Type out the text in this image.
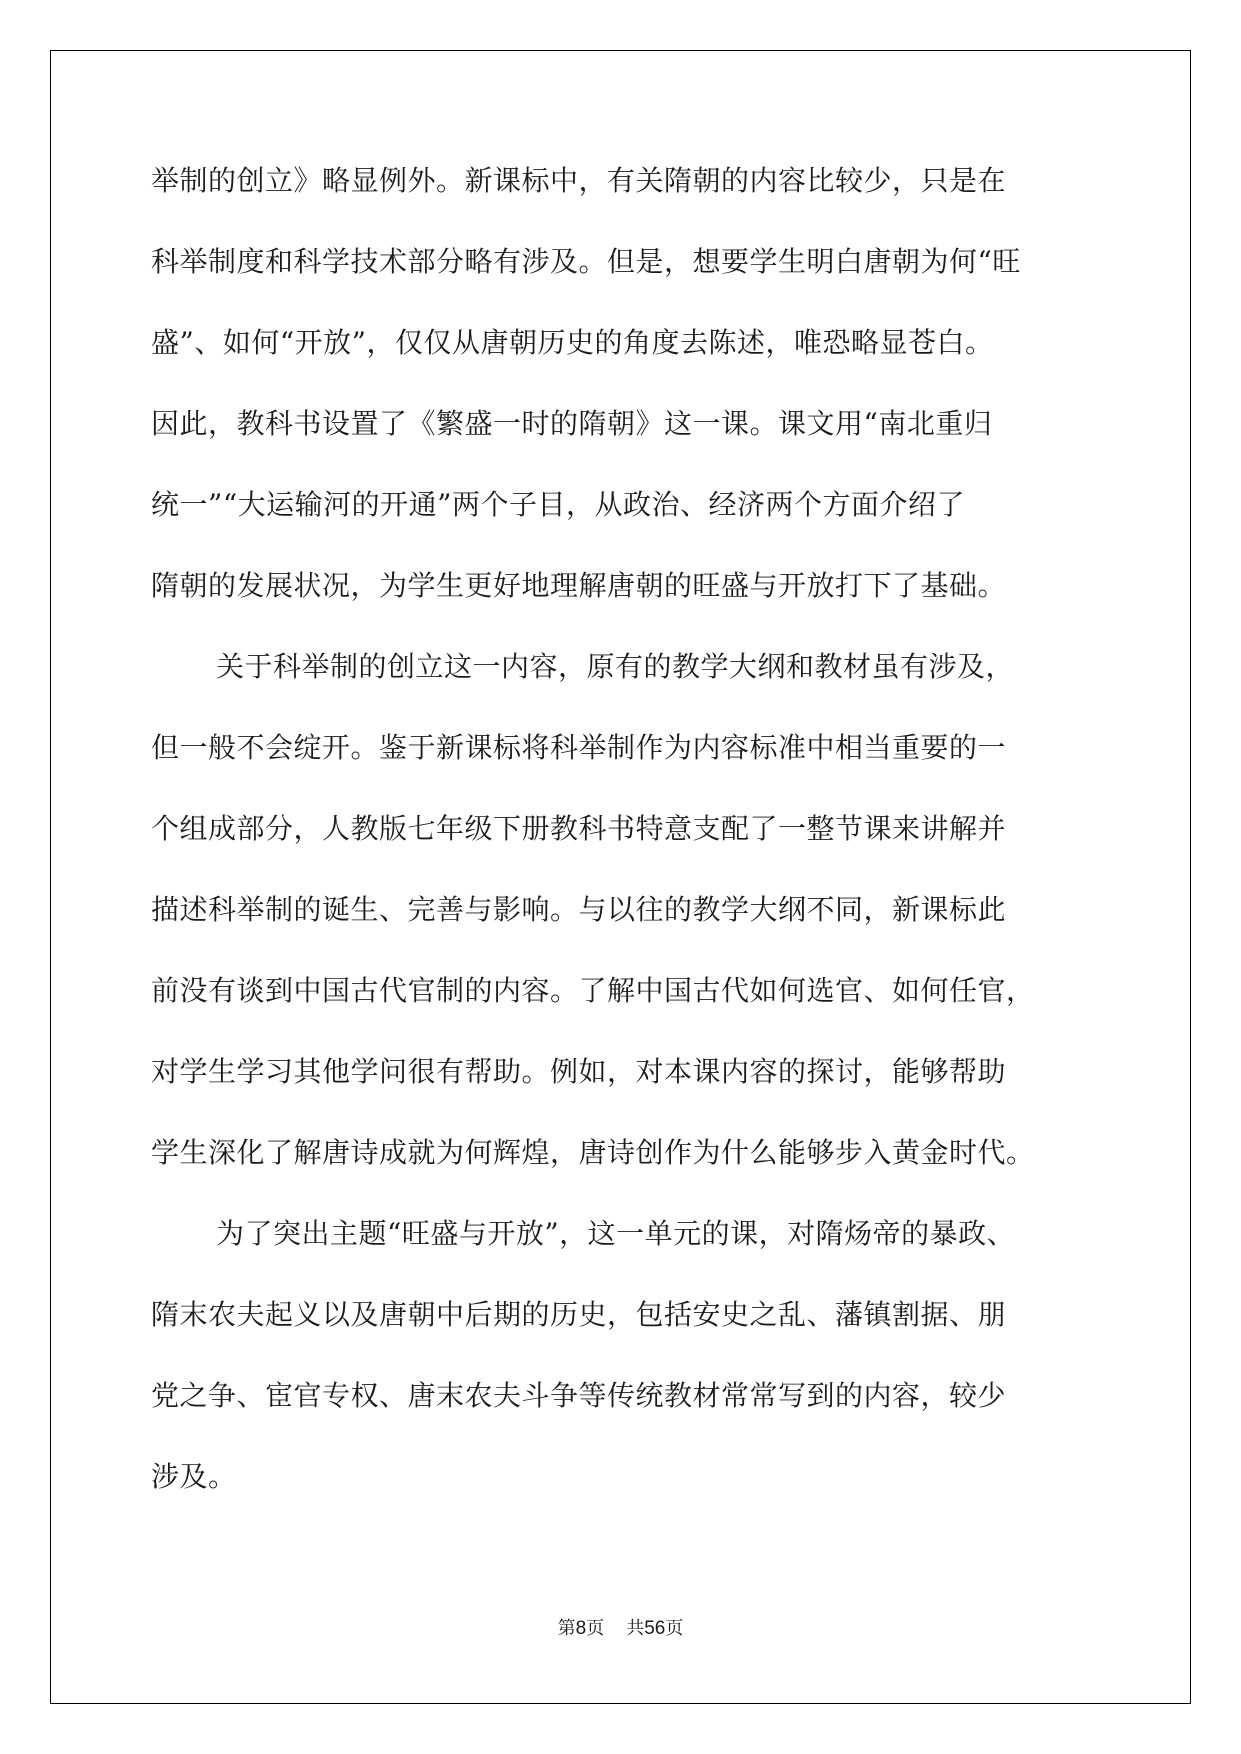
举制的创立》略显例外。新课标中，有关隋朝的内容比较少，只是在
科举制度和科学技术部分略有涉及。但是，想要学生明白唐朝为何“旺
盛”、如何“开放”，仅仅从唐朝历史的角度去陈述，唯恐略显苍白。
因此，教科书设置了《繁盛一时的隋朝》这一课。课文用“南北重归
统一”“大运输河的开通”两个子目，从政治、经济两个方面介绍了
隋朝的发展状况，为学生更好地理解唐朝的旺盛与开放打下了基础。
关于科举制的创立这一内容，原有的教学大纲和教材虽有涉及，
但一般不会绽开。鉴于新课标将科举制作为内容标准中相当重要的一
个组成部分，人教版七年级下册教科书特意支配了一整节课来讲解并
描述科举制的诞生、完善与影响。与以往的教学大纲不同，新课标此
前没有谈到中国古代官制的内容。了解中国古代如何选官、如何任官，
对学生学习其他学问很有帮助。例如，对本课内容的探讨，能够帮助
学生深化了解唐诗成就为何辉煌，唐诗创作为什么能够步入黄金时代。
为了突出主题“旺盛与开放”，这一单元的课，对隋炀帝的暴政、
隋末农夫起义以及唐朝中后期的历史，包括安史之乱、藩镇割据、朋
党之争、宦官专权、唐末农夫斗争等传统教材常常写到的内容，较少
涉及。
第8页 共56页
